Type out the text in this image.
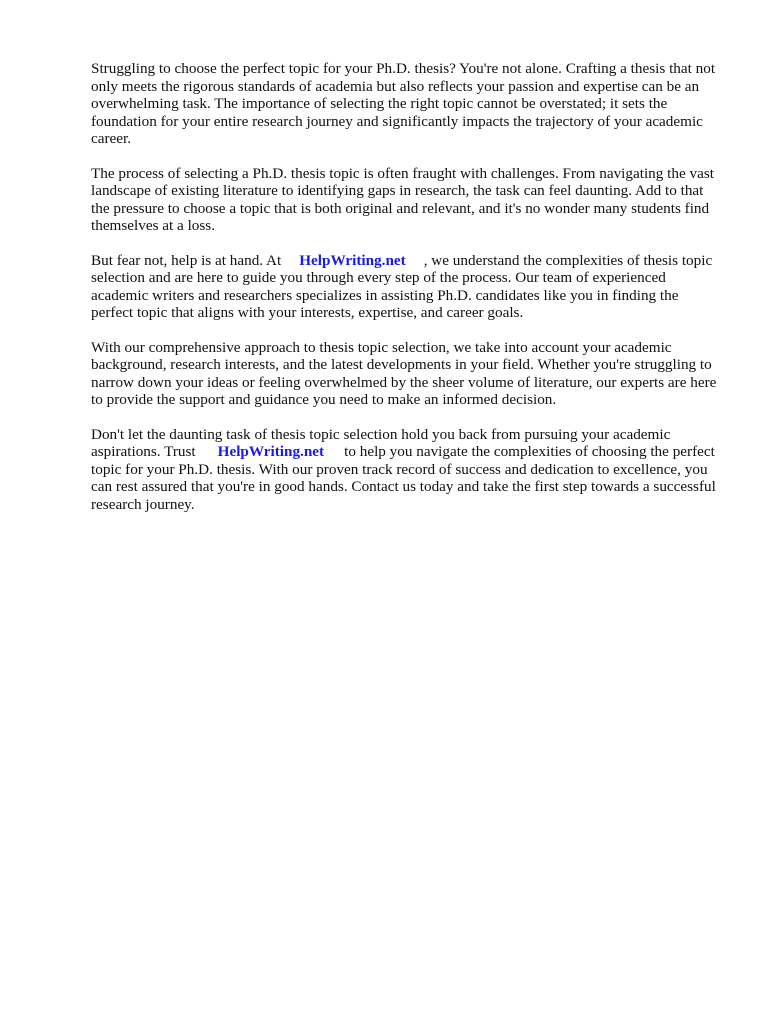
Struggling to choose the perfect topic for your Ph.D. thesis? You're not alone. Crafting a thesis that not only meets the rigorous standards of academia but also reflects your passion and expertise can be an overwhelming task. The importance of selecting the right topic cannot be overstated; it sets the foundation for your entire research journey and significantly impacts the trajectory of your academic career.

The process of selecting a Ph.D. thesis topic is often fraught with challenges. From navigating the vast landscape of existing literature to identifying gaps in research, the task can feel daunting. Add to that the pressure to choose a topic that is both original and relevant, and it's no wonder many students find themselves at a loss.

But fear not, help is at hand. At HelpWriting.net , we understand the complexities of thesis topic selection and are here to guide you through every step of the process. Our team of experienced academic writers and researchers specializes in assisting Ph.D. candidates like you in finding the perfect topic that aligns with your interests, expertise, and career goals.

With our comprehensive approach to thesis topic selection, we take into account your academic background, research interests, and the latest developments in your field. Whether you're struggling to narrow down your ideas or feeling overwhelmed by the sheer volume of literature, our experts are here to provide the support and guidance you need to make an informed decision.

Don't let the daunting task of thesis topic selection hold you back from pursuing your academic aspirations. Trust HelpWriting.net to help you navigate the complexities of choosing the perfect topic for your Ph.D. thesis. With our proven track record of success and dedication to excellence, you can rest assured that you're in good hands. Contact us today and take the first step towards a successful research journey.
